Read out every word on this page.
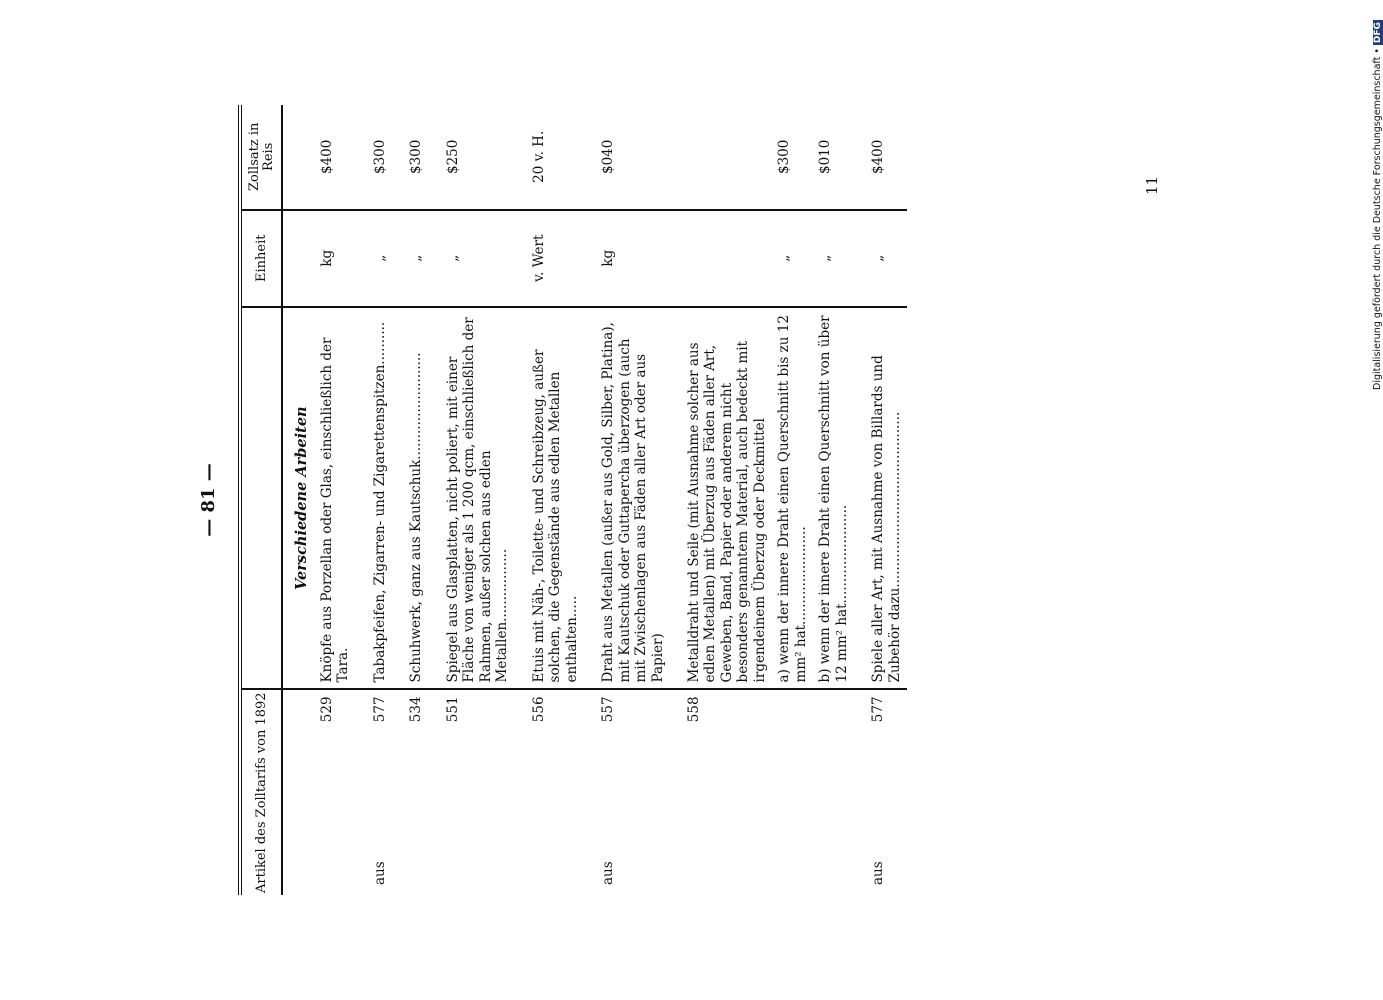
— 81 —
Artikel des Zolltarifs von 1892		Einheit	Zollsatz in Reis
	Verschiedene Arbeiten		

529	Knöpfe aus Porzellan oder Glas, einschließlich der Tara.	kg	$400

aus
577	Tabakpfeifen, Zigarren- und Zigarettenspitzen..........	„	$300

534	Schuhwerk, ganz aus Kautschuk.........................	„	$300

551	Spiegel aus Glasplatten, nicht poliert, mit einer Fläche von weniger als 1 200 qcm, einschließlich der Rahmen, außer solchen aus edlen Metallen.................	„	$250

556	Etuis mit Näh-, Toilette- und Schreibzeug, außer solchen, die Gegenstände aus edlen Metallen enthalten.....	v. Wert	20 v. H.

aus
557	Draht aus Metallen (außer aus Gold, Silber, Platina), mit Kautschuk oder Guttapercha überzogen (auch mit Zwischenlagen aus Fäden aller Art oder aus Papier)	kg	$040

558	Metalldraht und Seile (mit Ausnahme solcher aus edlen Metallen) mit Überzug aus Fäden aller Art, Geweben, Band, Papier oder anderem nicht besonders genanntem Material, auch bedeckt mit irgendeinem Überzug oder Deckmittel		
	a) wenn der innere Draht einen Querschnitt bis zu 12 mm² hat.......................	„	$300
	b) wenn der innere Draht einen Querschnitt von über 12 mm² hat.......................	„	$010

aus
577	Spiele aller Art, mit Ausnahme von Billards und Zubehör dazu.........................................	„	$400
11	Digitalisierung gefördert durch die Deutsche Forschungsgemeinschaft •DFG
